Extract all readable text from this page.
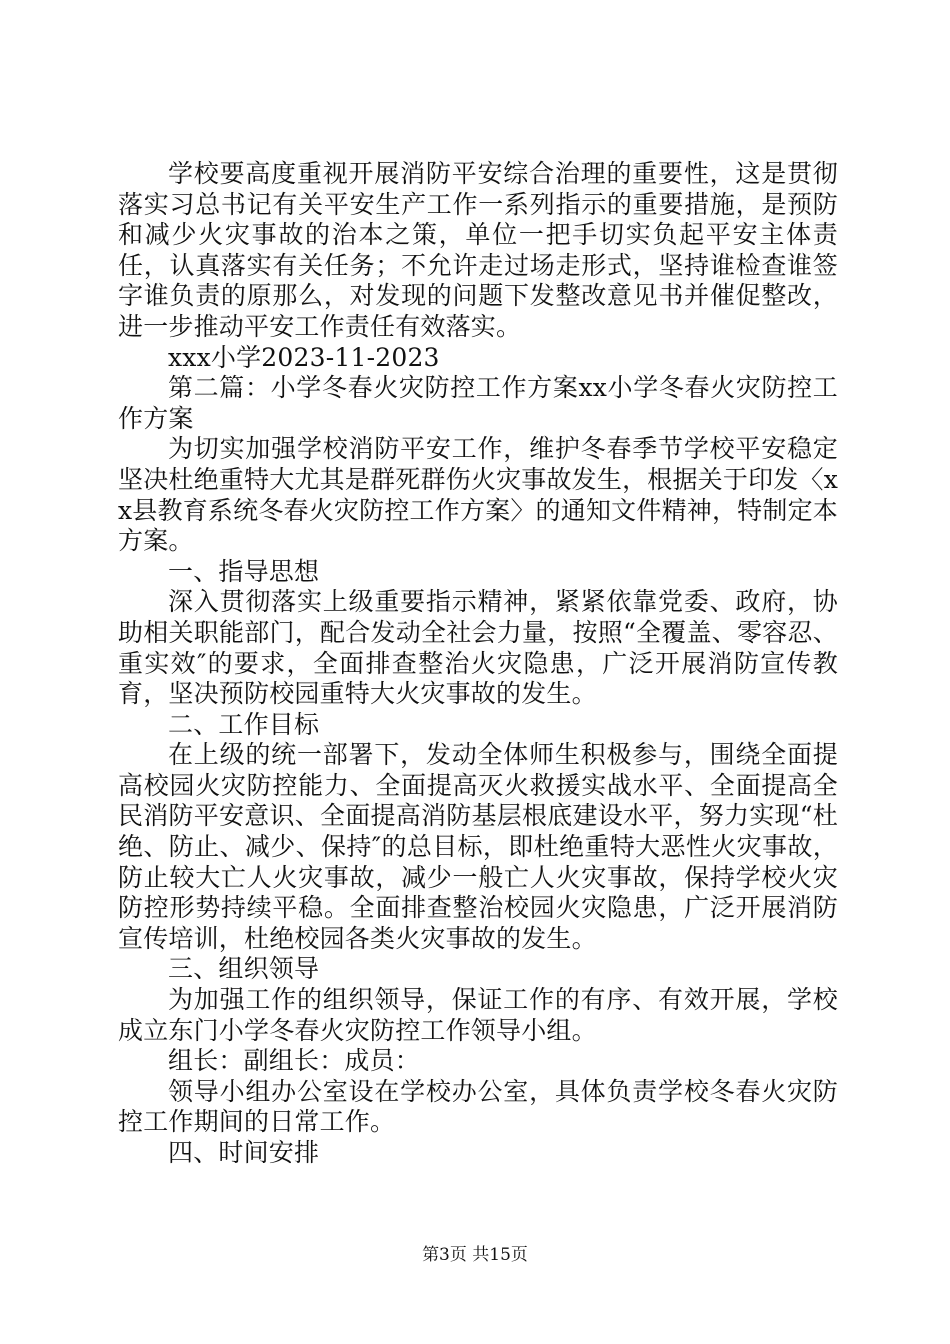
学校要高度重视开展消防平安综合治理的重要性，这是贯彻落实习总书记有关平安生产工作一系列指示的重要措施，是预防和减少火灾事故的治本之策，单位一把手切实负起平安主体责任，认真落实有关任务；不允许走过场走形式，坚持谁检查谁签字谁负责的原那么，对发现的问题下发整改意见书并催促整改，进一步推动平安工作责任有效落实。

xxx小学2023-11-2023

第二篇：小学冬春火灾防控工作方案xx小学冬春火灾防控工作方案

为切实加强学校消防平安工作，维护冬春季节学校平安稳定坚决杜绝重特大尤其是群死群伤火灾事故发生，根据关于印发〈xx县教育系统冬春火灾防控工作方案〉的通知文件精神，特制定本方案。

一、指导思想

深入贯彻落实上级重要指示精神，紧紧依靠党委、政府，协助相关职能部门，配合发动全社会力量，按照“全覆盖、零容忍、重实效″的要求，全面排查整治火灾隐患，广泛开展消防宣传教育，坚决预防校园重特大火灾事故的发生。

二、工作目标

在上级的统一部署下，发动全体师生积极参与，围绕全面提高校园火灾防控能力、全面提高灭火救援实战水平、全面提高全民消防平安意识、全面提高消防基层根底建设水平，努力实现“杜绝、防止、减少、保持″的总目标，即杜绝重特大恶性火灾事故，防止较大亡人火灾事故，减少一般亡人火灾事故，保持学校火灾防控形势持续平稳。全面排查整治校园火灾隐患，广泛开展消防宣传培训，杜绝校园各类火灾事故的发生。

三、组织领导

为加强工作的组织领导，保证工作的有序、有效开展，学校成立东门小学冬春火灾防控工作领导小组。

组长：副组长：成员：

领导小组办公室设在学校办公室，具体负责学校冬春火灾防控工作期间的日常工作。

四、时间安排

第3页 共15页
